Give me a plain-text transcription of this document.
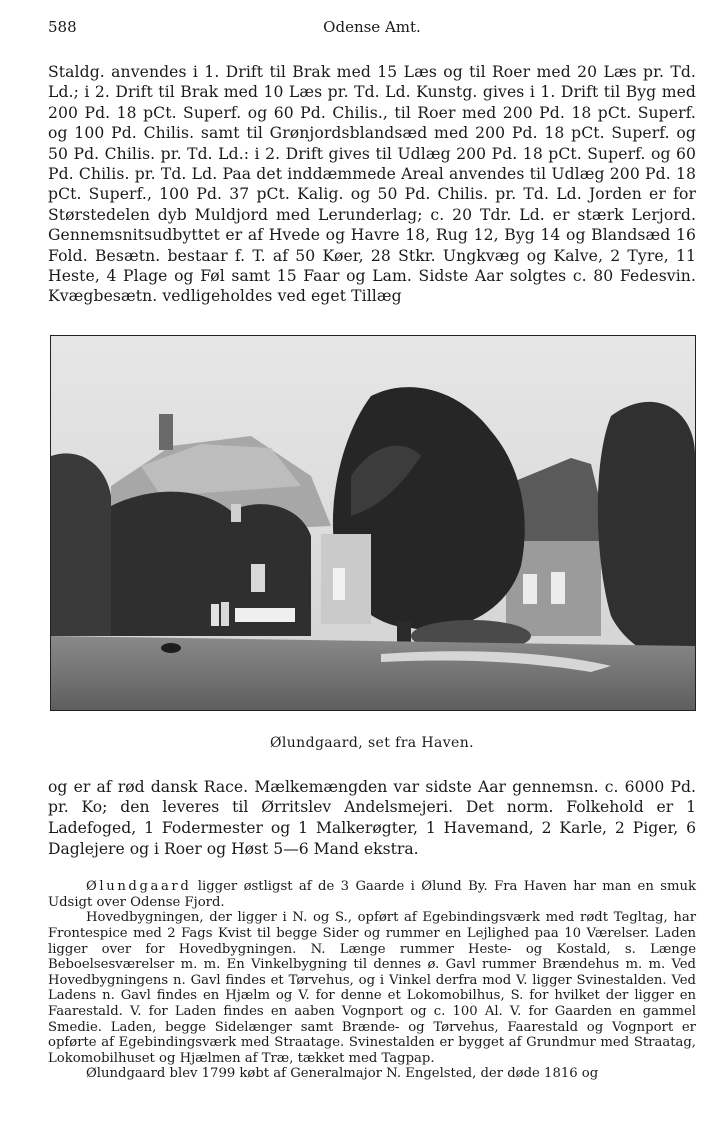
588	Odense Amt.

Staldg. anvendes i 1. Drift til Brak med 15 Læs og til Roer med 20 Læs pr. Td. Ld.; i 2. Drift til Brak med 10 Læs pr. Td. Ld. Kunstg. gives i 1. Drift til Byg med 200 Pd. 18 pCt. Superf. og 60 Pd. Chilis., til Roer med 200 Pd. 18 pCt. Superf. og 100 Pd. Chilis. samt til Grønjordsblandsæd med 200 Pd. 18 pCt. Superf. og 50 Pd. Chilis. pr. Td. Ld.: i 2. Drift gives til Udlæg 200 Pd. 18 pCt. Superf. og 60 Pd. Chilis. pr. Td. Ld. Paa det inddæmmede Areal anvendes til Udlæg 200 Pd. 18 pCt. Superf., 100 Pd. 37 pCt. Kalig. og 50 Pd. Chilis. pr. Td. Ld. Jorden er for Størstedelen dyb Muldjord med Lerunderlag; c. 20 Tdr. Ld. er stærk Lerjord. Gennemsnitsudbyttet er af Hvede og Havre 18, Rug 12, Byg 14 og Blandsæd 16 Fold. Besætn. bestaar f. T. af 50 Køer, 28 Stkr. Ungkvæg og Kalve, 2 Tyre, 11 Heste, 4 Plage og Føl samt 15 Faar og Lam. Sidste Aar solgtes c. 80 Fedesvin. Kvægbesætn. vedligeholdes ved eget Tillæg

Ølundgaard, set fra Haven.

og er af rød dansk Race. Mælkemængden var sidste Aar gennemsn. c. 6000 Pd. pr. Ko; den leveres til Ørritslev Andelsmejeri. Det norm. Folkehold er 1 Ladefoged, 1 Fodermester og 1 Malkerøgter, 1 Havemand, 2 Karle, 2 Piger, 6 Daglejere og i Roer og Høst 5—6 Mand ekstra.

Ølundgaard ligger østligst af de 3 Gaarde i Ølund By. Fra Haven har man en smuk Udsigt over Odense Fjord.

Hovedbygningen, der ligger i N. og S., opført af Egebindingsværk med rødt Tegltag, har Frontespice med 2 Fags Kvist til begge Sider og rummer en Lejlighed paa 10 Værelser. Laden ligger over for Hovedbygningen. N. Længe rummer Heste- og Kostald, s. Længe Beboelsesværelser m. m. En Vinkelbygning til dennes ø. Gavl rummer Brændehus m. m. Ved Hovedbygningens n. Gavl findes et Tørvehus, og i Vinkel derfra mod V. ligger Svinestalden. Ved Ladens n. Gavl findes en Hjælm og V. for denne et Lokomobilhus, S. for hvilket der ligger en Faarestald. V. for Laden findes en aaben Vognport og c. 100 Al. V. for Gaarden en gammel Smedie. Laden, begge Sidelænger samt Brænde- og Tørvehus, Faarestald og Vognport er opførte af Egebindingsværk med Straatage. Svinestalden er bygget af Grundmur med Straatag, Lokomobilhuset og Hjælmen af Træ, tækket med Tagpap.

Ølundgaard blev 1799 købt af Generalmajor N. Engelsted, der døde 1816 og
